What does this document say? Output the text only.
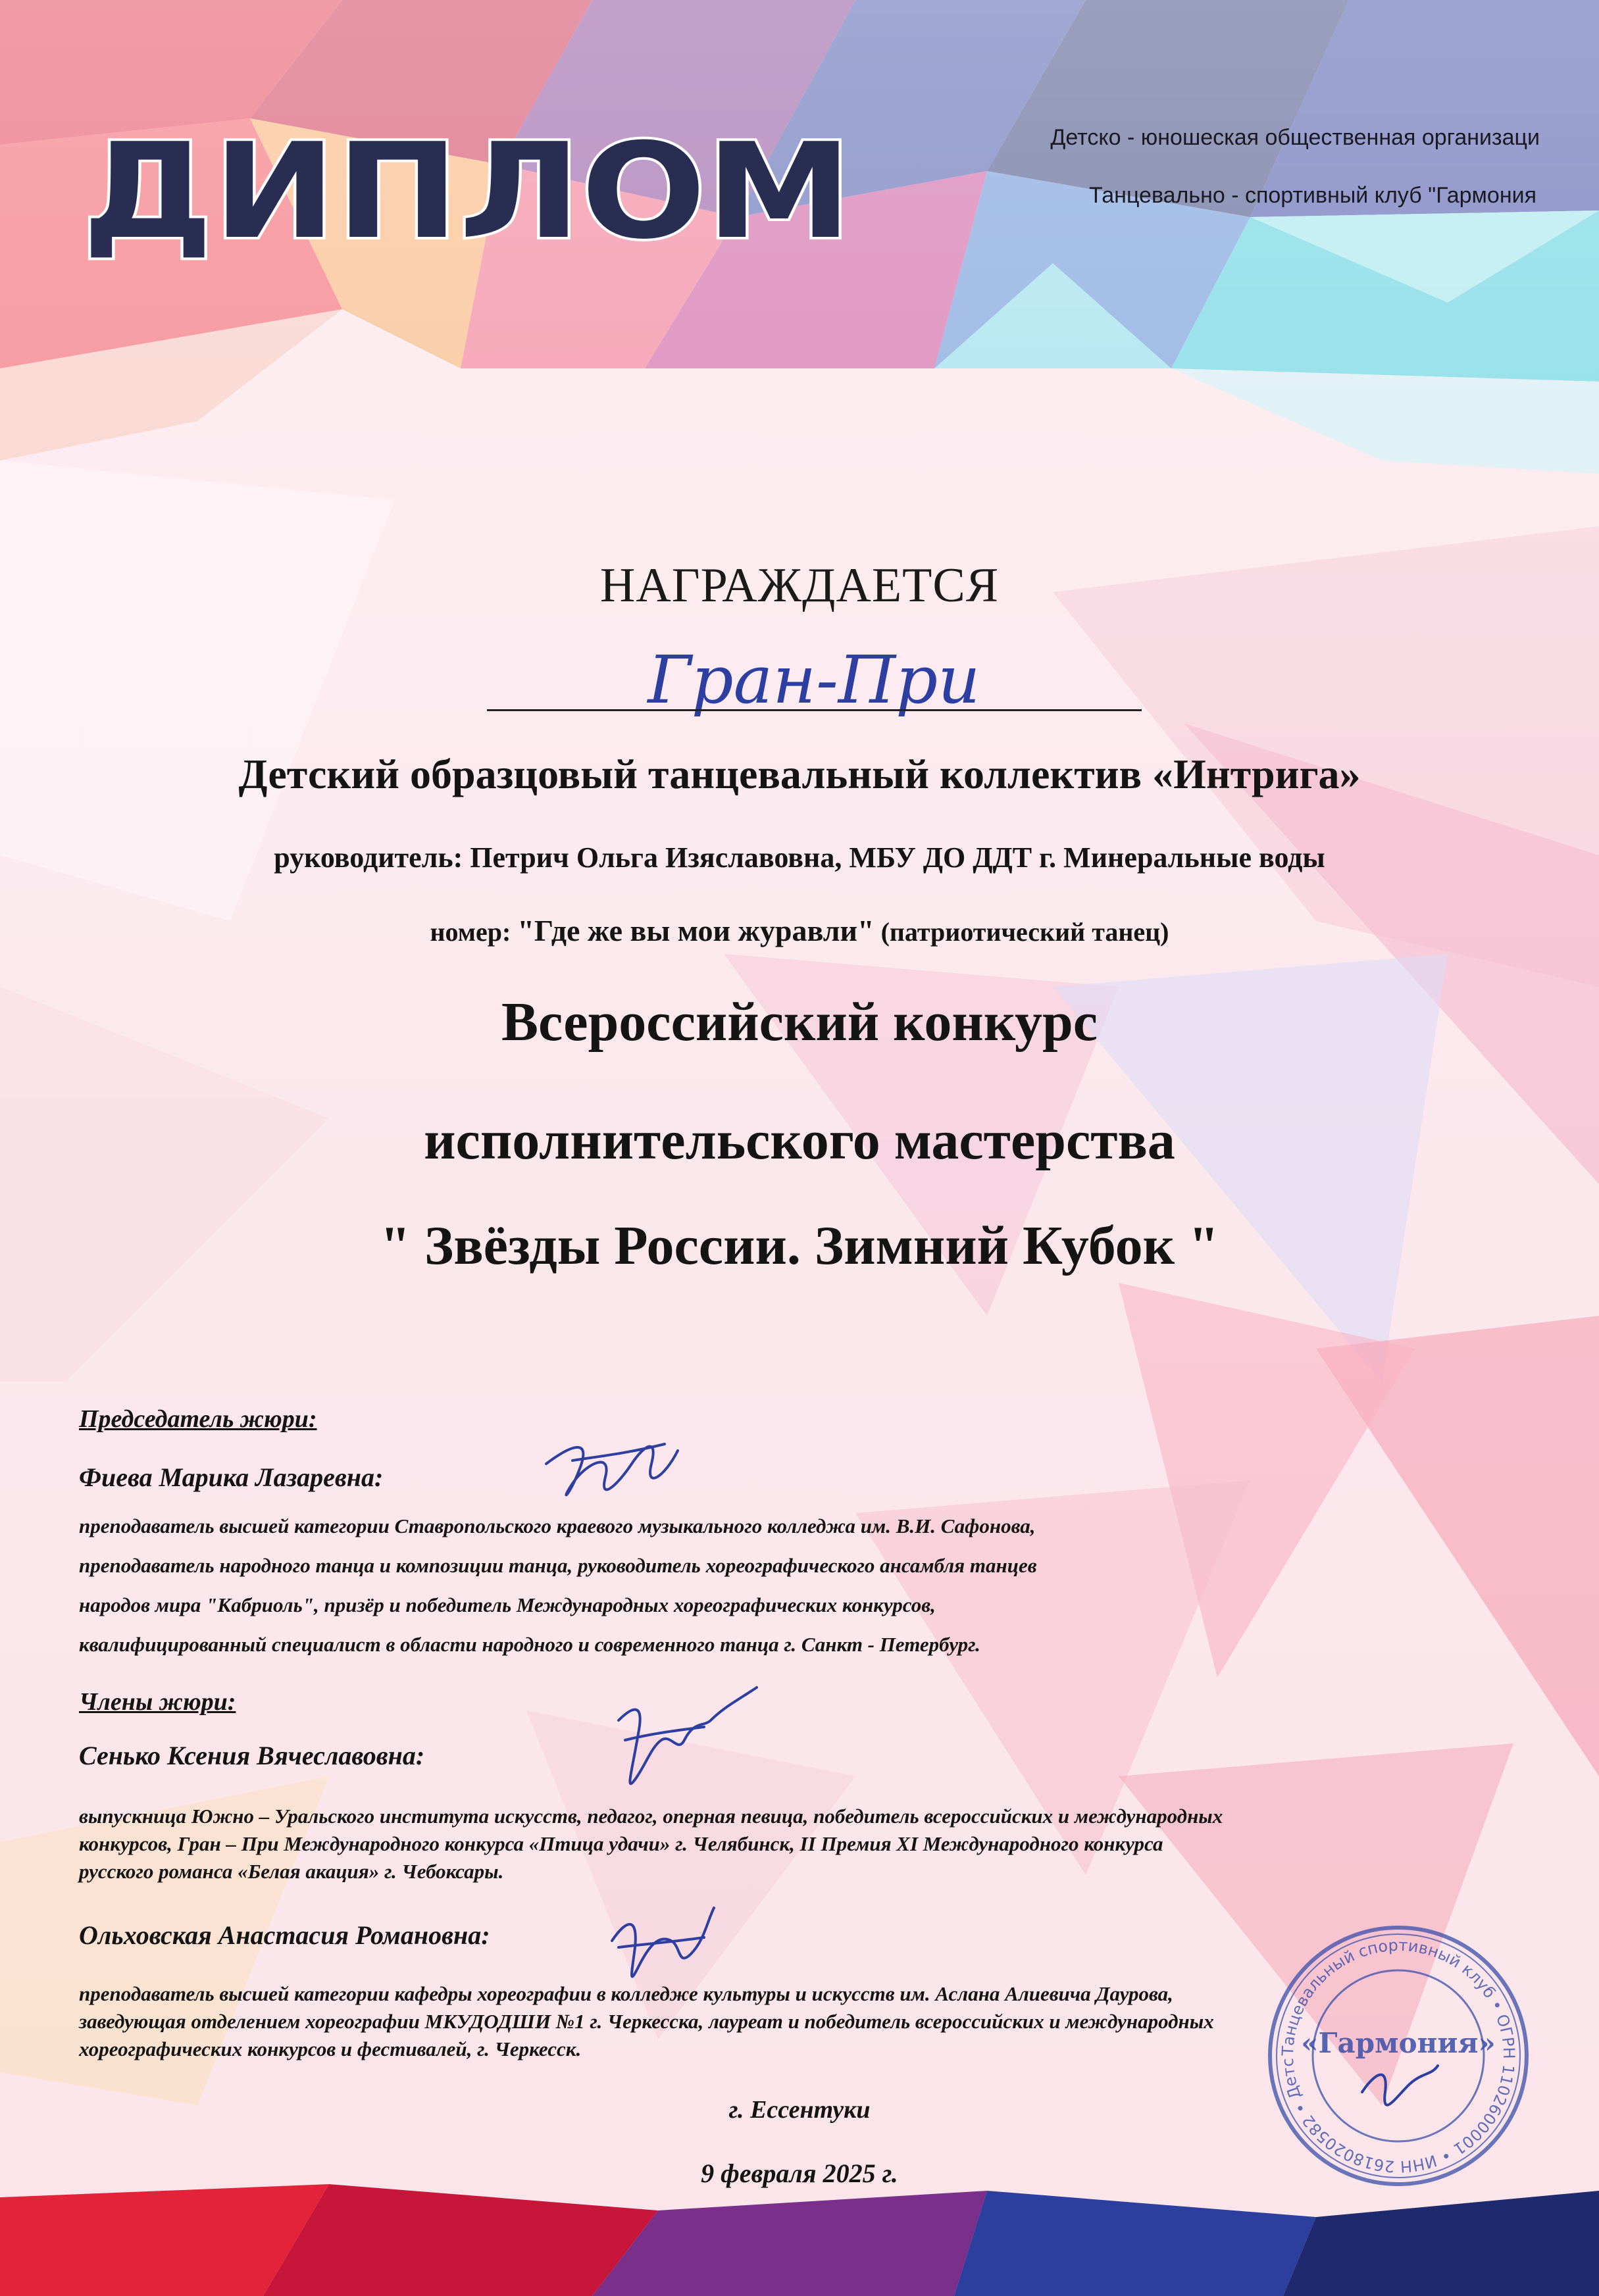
ДИПЛОМ	Детско - юношеская общественная организаци
Танцевально - спортивный клуб "Гармония
НАГРАЖДАЕТСЯ
Гран-При
Детский образцовый танцевальный коллектив «Интрига»
руководитель: Петрич Ольга Изяславовна, МБУ ДО ДДТ г. Минеральные воды
номер: "Где же вы мои журавли" (патриотический танец)
Всероссийский конкурс
исполнительского мастерства
" Звёзды России. Зимний Кубок "
Председатель жюри:
Фиева Марика Лазаревна:
преподаватель высшей категории Ставропольского краевого музыкального колледжа им. В.И. Сафонова,
преподаватель народного танца и композиции танца, руководитель хореографического ансамбля танцев
народов мира "Кабриоль", призёр и победитель Международных хореографических конкурсов,
квалифицированный специалист в области народного и современного танца г. Санкт - Петербург.
Члены жюри:
Сенько Ксения Вячеславовна:
выпускница Южно – Уральского института искусств, педагог, оперная певица, победитель всероссийских и международных
конкурсов, Гран – При Международного конкурса «Птица удачи» г. Челябинск, II Премия XI Международного конкурса
русского романса «Белая акация» г. Чебоксары.
Ольховская Анастасия Романовна:
преподаватель высшей категории кафедры хореографии в колледже культуры и искусств им. Аслана Алиевича Даурова,
заведующая отделением хореографии МКУДОДШИ №1 г. Черкесска, лауреат и победитель всероссийских и международных
хореографических конкурсов и фестивалей, г. Черкесск.
г. Ессентуки
9 февраля 2025 г.
Танцевальный спортивный клуб • ОГРН 1102600001 • ИНН 2618020582 • Детс
«Гармония»
